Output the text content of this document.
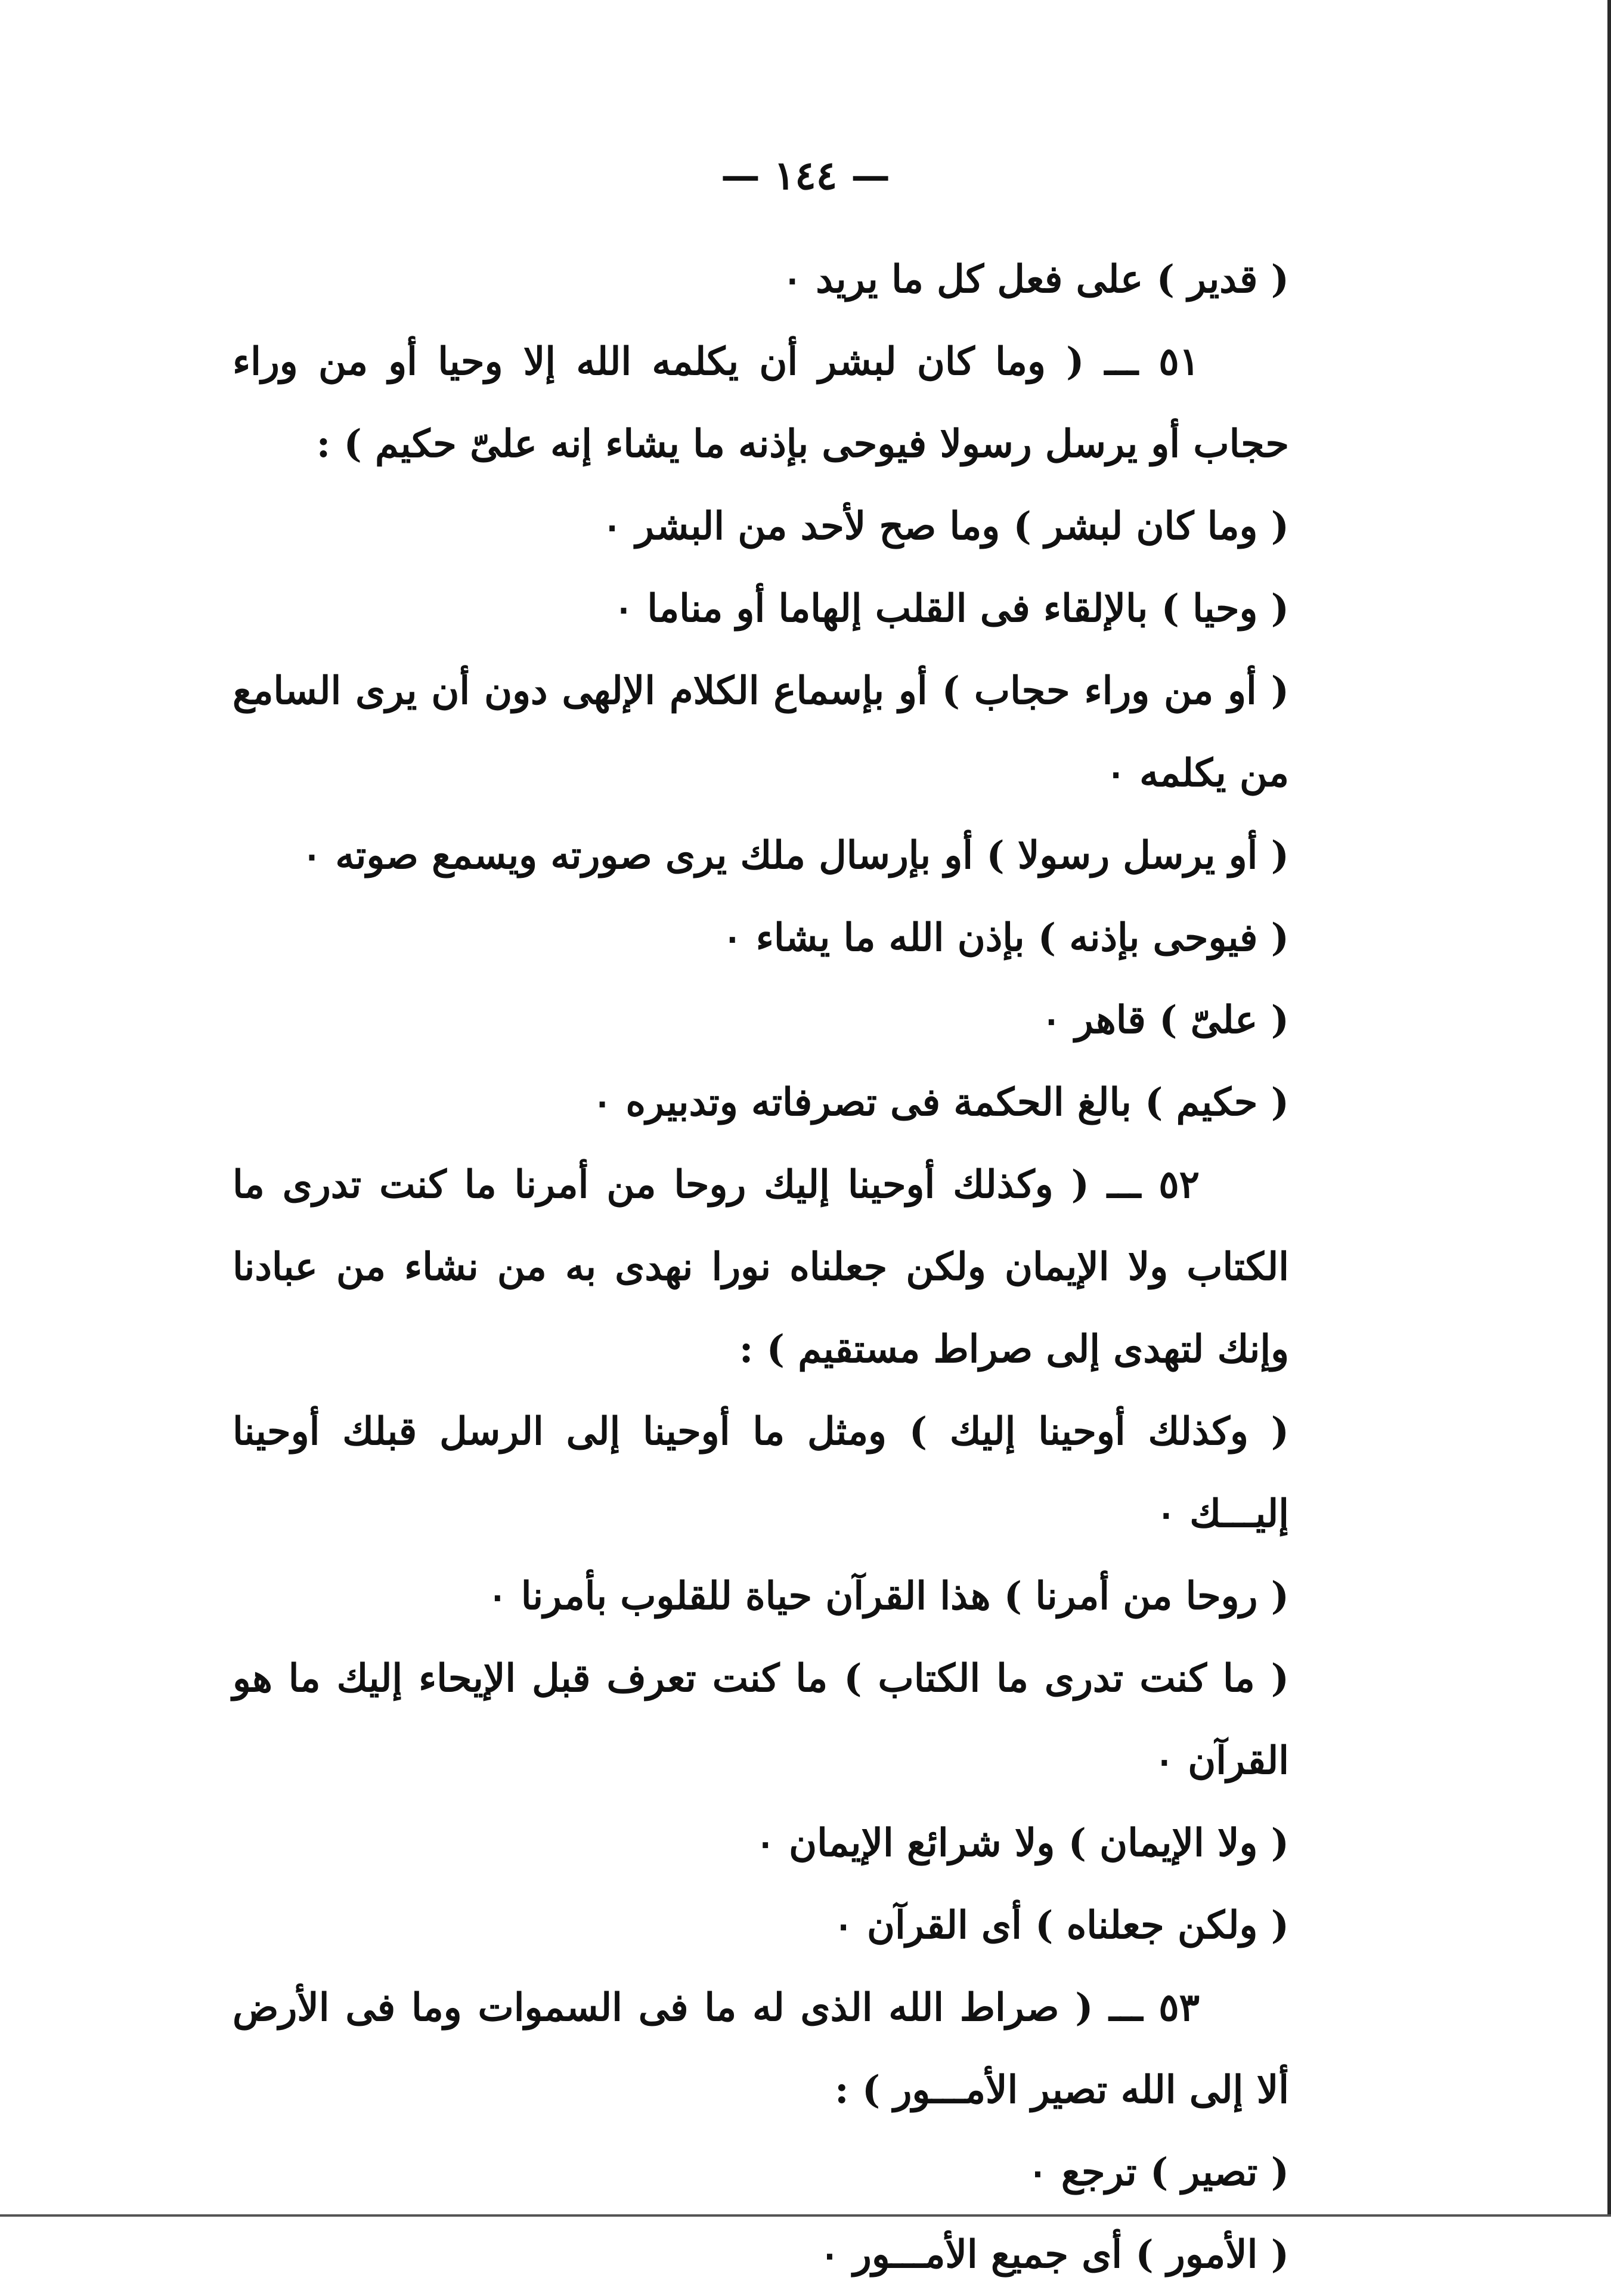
— ١٤٤ —

( قدير ) على فعل كل ما يريد ٠

٥١ ـــ ( وما كان لبشر أن يكلمه الله إلا وحيا أو من وراء حجاب أو يرسل رسولا فيوحى بإذنه ما يشاء إنه علىّ حكيم ) :

( وما كان لبشر ) وما صح لأحد من البشر ٠

( وحيا ) بالإلقاء فى القلب إلهاما أو مناما ٠

( أو من وراء حجاب ) أو بإسماع الكلام الإلهى دون أن يرى السامع من يكلمه ٠

( أو يرسل رسولا ) أو بإرسال ملك يرى صورته ويسمع صوته ٠

( فيوحى بإذنه ) بإذن الله ما يشاء ٠

( علىّ ) قاهر ٠

( حكيم ) بالغ الحكمة فى تصرفاته وتدبيره ٠

٥٢ ـــ ( وكذلك أوحينا إليك روحا من أمرنا ما كنت تدرى ما الكتاب ولا الإيمان ولكن جعلناه نورا نهدى به من نشاء من عبادنا وإنك لتهدى إلى صراط مستقيم ) :

( وكذلك أوحينا إليك ) ومثل ما أوحينا إلى الرسل قبلك أوحينا إليـــك ٠

( روحا من أمرنا ) هذا القرآن حياة للقلوب بأمرنا ٠

( ما كنت تدرى ما الكتاب ) ما كنت تعرف قبل الإيحاء إليك ما هو القرآن ٠

( ولا الإيمان ) ولا شرائع الإيمان ٠

( ولكن جعلناه ) أى القرآن ٠

٥٣ ـــ ( صراط الله الذى له ما فى السموات وما فى الأرض ألا إلى الله تصير الأمـــور ) :

( تصير ) ترجع ٠

( الأمور ) أى جميع الأمـــور ٠
